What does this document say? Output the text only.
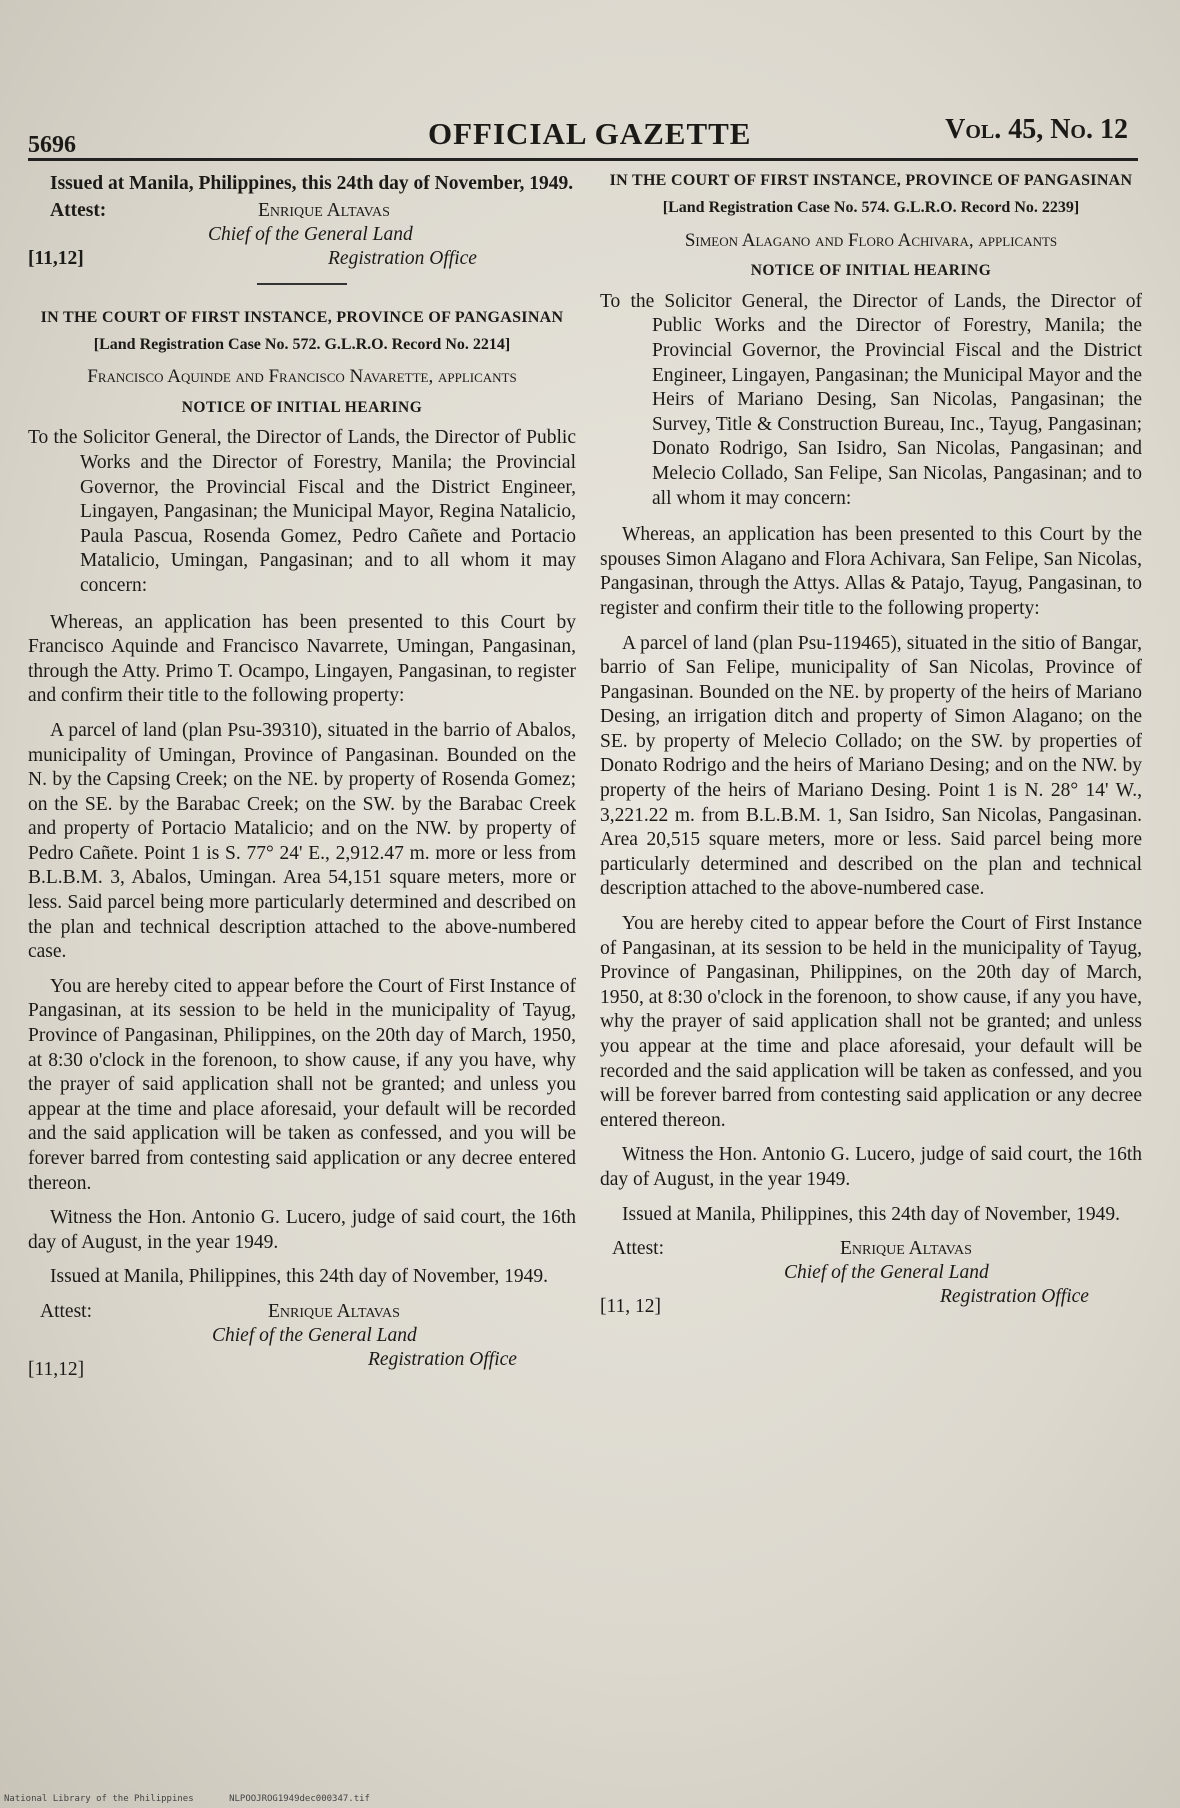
5696	OFFICIAL GAZETTE	Vol. 45, No. 12

Issued at Manila, Philippines, this 24th day of November, 1949.

Attest:	Enrique Altavas
Chief of the General Land
[11,12]	Registration Office

IN THE COURT OF FIRST INSTANCE, PROVINCE OF PANGASINAN

[Land Registration Case No. 572. G.L.R.O. Record No. 2214]

Francisco Aquinde and Francisco Navarette, applicants

NOTICE OF INITIAL HEARING

To the Solicitor General, the Director of Lands, the Director of Public Works and the Director of Forestry, Manila; the Provincial Governor, the Provincial Fiscal and the District Engineer, Lingayen, Pangasinan; the Municipal Mayor, Regina Natalicio, Paula Pascua, Rosenda Gomez, Pedro Cañete and Portacio Matalicio, Umingan, Pangasinan; and to all whom it may concern:

Whereas, an application has been presented to this Court by Francisco Aquinde and Francisco Navarrete, Umingan, Pangasinan, through the Atty. Primo T. Ocampo, Lingayen, Pangasinan, to register and confirm their title to the following property:

A parcel of land (plan Psu-39310), situated in the barrio of Abalos, municipality of Umingan, Province of Pangasinan. Bounded on the N. by the Capsing Creek; on the NE. by property of Rosenda Gomez; on the SE. by the Barabac Creek; on the SW. by the Barabac Creek and property of Portacio Matalicio; and on the NW. by property of Pedro Cañete. Point 1 is S. 77° 24' E., 2,912.47 m. more or less from B.L.B.M. 3, Abalos, Umingan. Area 54,151 square meters, more or less. Said parcel being more particularly determined and described on the plan and technical description attached to the above-numbered case.

You are hereby cited to appear before the Court of First Instance of Pangasinan, at its session to be held in the municipality of Tayug, Province of Pangasinan, Philippines, on the 20th day of March, 1950, at 8:30 o'clock in the forenoon, to show cause, if any you have, why the prayer of said application shall not be granted; and unless you appear at the time and place aforesaid, your default will be recorded and the said application will be taken as confessed, and you will be forever barred from contesting said application or any decree entered thereon.

Witness the Hon. Antonio G. Lucero, judge of said court, the 16th day of August, in the year 1949.

Issued at Manila, Philippines, this 24th day of November, 1949.

Attest:	Enrique Altavas
Chief of the General Land
[11,12]	Registration Office

IN THE COURT OF FIRST INSTANCE, PROVINCE OF PANGASINAN

[Land Registration Case No. 574. G.L.R.O. Record No. 2239]

Simeon Alagano and Floro Achivara, applicants

NOTICE OF INITIAL HEARING

To the Solicitor General, the Director of Lands, the Director of Public Works and the Director of Forestry, Manila; the Provincial Governor, the Provincial Fiscal and the District Engineer, Lingayen, Pangasinan; the Municipal Mayor and the Heirs of Mariano Desing, San Nicolas, Pangasinan; the Survey, Title & Construction Bureau, Inc., Tayug, Pangasinan; Donato Rodrigo, San Isidro, San Nicolas, Pangasinan; and Melecio Collado, San Felipe, San Nicolas, Pangasinan; and to all whom it may concern:

Whereas, an application has been presented to this Court by the spouses Simon Alagano and Flora Achivara, San Felipe, San Nicolas, Pangasinan, through the Attys. Allas & Patajo, Tayug, Pangasinan, to register and confirm their title to the following property:

A parcel of land (plan Psu-119465), situated in the sitio of Bangar, barrio of San Felipe, municipality of San Nicolas, Province of Pangasinan. Bounded on the NE. by property of the heirs of Mariano Desing, an irrigation ditch and property of Simon Alagano; on the SE. by property of Melecio Collado; on the SW. by properties of Donato Rodrigo and the heirs of Mariano Desing; and on the NW. by property of the heirs of Mariano Desing. Point 1 is N. 28° 14' W., 3,221.22 m. from B.L.B.M. 1, San Isidro, San Nicolas, Pangasinan. Area 20,515 square meters, more or less. Said parcel being more particularly determined and described on the plan and technical description attached to the above-numbered case.

You are hereby cited to appear before the Court of First Instance of Pangasinan, at its session to be held in the municipality of Tayug, Province of Pangasinan, Philippines, on the 20th day of March, 1950, at 8:30 o'clock in the forenoon, to show cause, if any you have, why the prayer of said application shall not be granted; and unless you appear at the time and place aforesaid, your default will be recorded and the said application will be taken as confessed, and you will be forever barred from contesting said application or any decree entered thereon.

Witness the Hon. Antonio G. Lucero, judge of said court, the 16th day of August, in the year 1949.

Issued at Manila, Philippines, this 24th day of November, 1949.

Attest:	Enrique Altavas
Chief of the General Land
[11, 12]	Registration Office
National Library of the Philippines	NLPOOJROG1949dec000347.tif
